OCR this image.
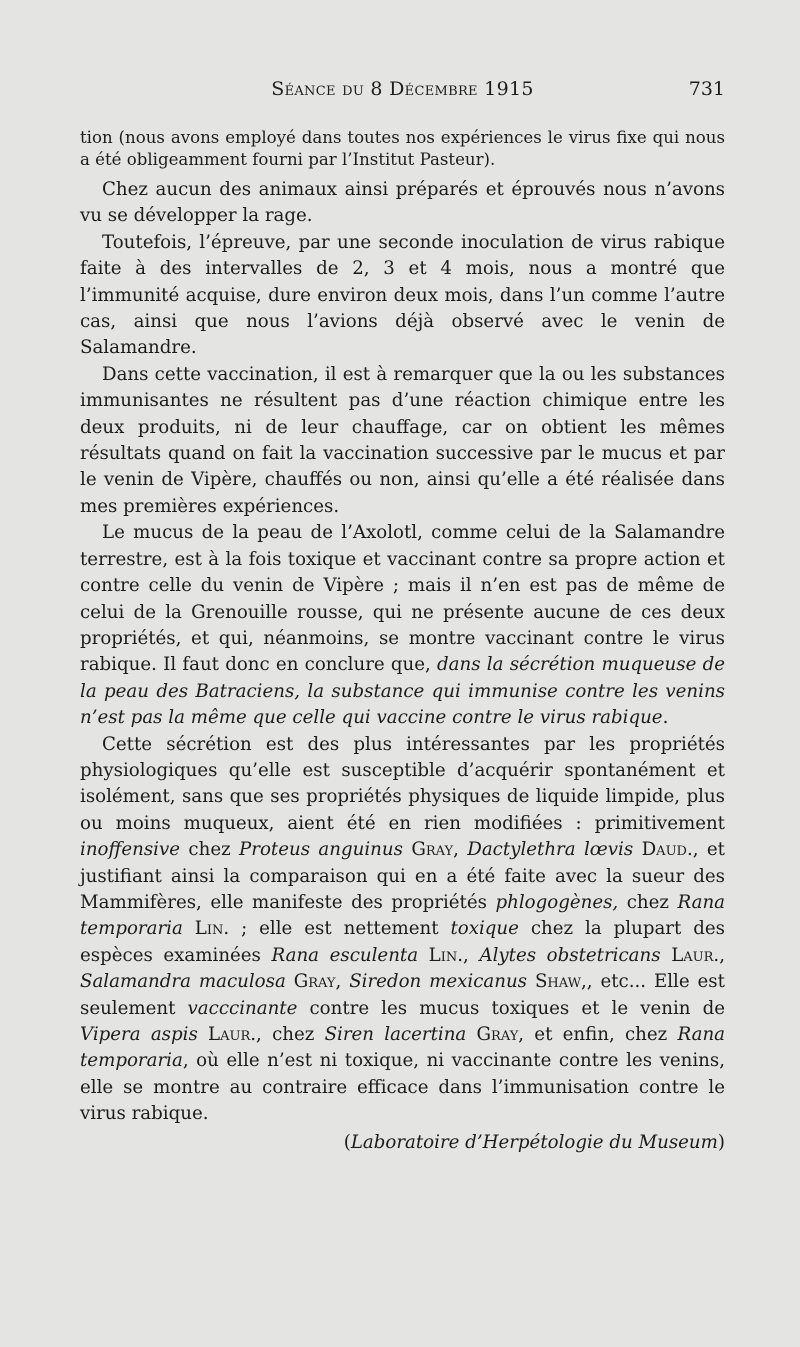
Séance du 8 Décembre 1915	731

tion (nous avons employé dans toutes nos expériences le virus fixe qui nous a été obligeamment fourni par l’Institut Pasteur).

Chez aucun des animaux ainsi préparés et éprouvés nous n’avons vu se développer la rage.

Toutefois, l’épreuve, par une seconde inoculation de virus rabique faite à des intervalles de 2, 3 et 4 mois, nous a montré que l’immunité acquise, dure environ deux mois, dans l’un comme l’autre cas, ainsi que nous l’avions déjà observé avec le venin de Salamandre.

Dans cette vaccination, il est à remarquer que la ou les substances immunisantes ne résultent pas d’une réaction chimique entre les deux produits, ni de leur chauffage, car on obtient les mêmes résultats quand on fait la vaccination successive par le mucus et par le venin de Vipère, chauffés ou non, ainsi qu’elle a été réalisée dans mes premières expériences.

Le mucus de la peau de l’Axolotl, comme celui de la Salamandre terrestre, est à la fois toxique et vaccinant contre sa propre action et contre celle du venin de Vipère ; mais il n’en est pas de même de celui de la Grenouille rousse, qui ne présente aucune de ces deux propriétés, et qui, néanmoins, se montre vaccinant contre le virus rabique. Il faut donc en conclure que, dans la sécrétion muqueuse de la peau des Batraciens, la substance qui immunise contre les venins n’est pas la même que celle qui vaccine contre le virus rabique.

Cette sécrétion est des plus intéressantes par les propriétés physiologiques qu’elle est susceptible d’acquérir spontanément et isolément, sans que ses propriétés physiques de liquide limpide, plus ou moins muqueux, aient été en rien modifiées : primitivement inoffensive chez Proteus anguinus Gray, Dactylethra lœvis Daud., et justifiant ainsi la comparaison qui en a été faite avec la sueur des Mammifères, elle manifeste des propriétés phlogogènes, chez Rana temporaria Lin. ; elle est nettement toxique chez la plupart des espèces examinées Rana esculenta Lin., Alytes obstetricans Laur., Salamandra maculosa Gray, Siredon mexicanus Shaw,, etc... Elle est seulement vacccinante contre les mucus toxiques et le venin de Vipera aspis Laur., chez Siren lacertina Gray, et enfin, chez Rana temporaria, où elle n’est ni toxique, ni vaccinante contre les venins, elle se montre au contraire efficace dans l’immunisation contre le virus rabique.

(Laboratoire d’Herpétologie du Museum)
